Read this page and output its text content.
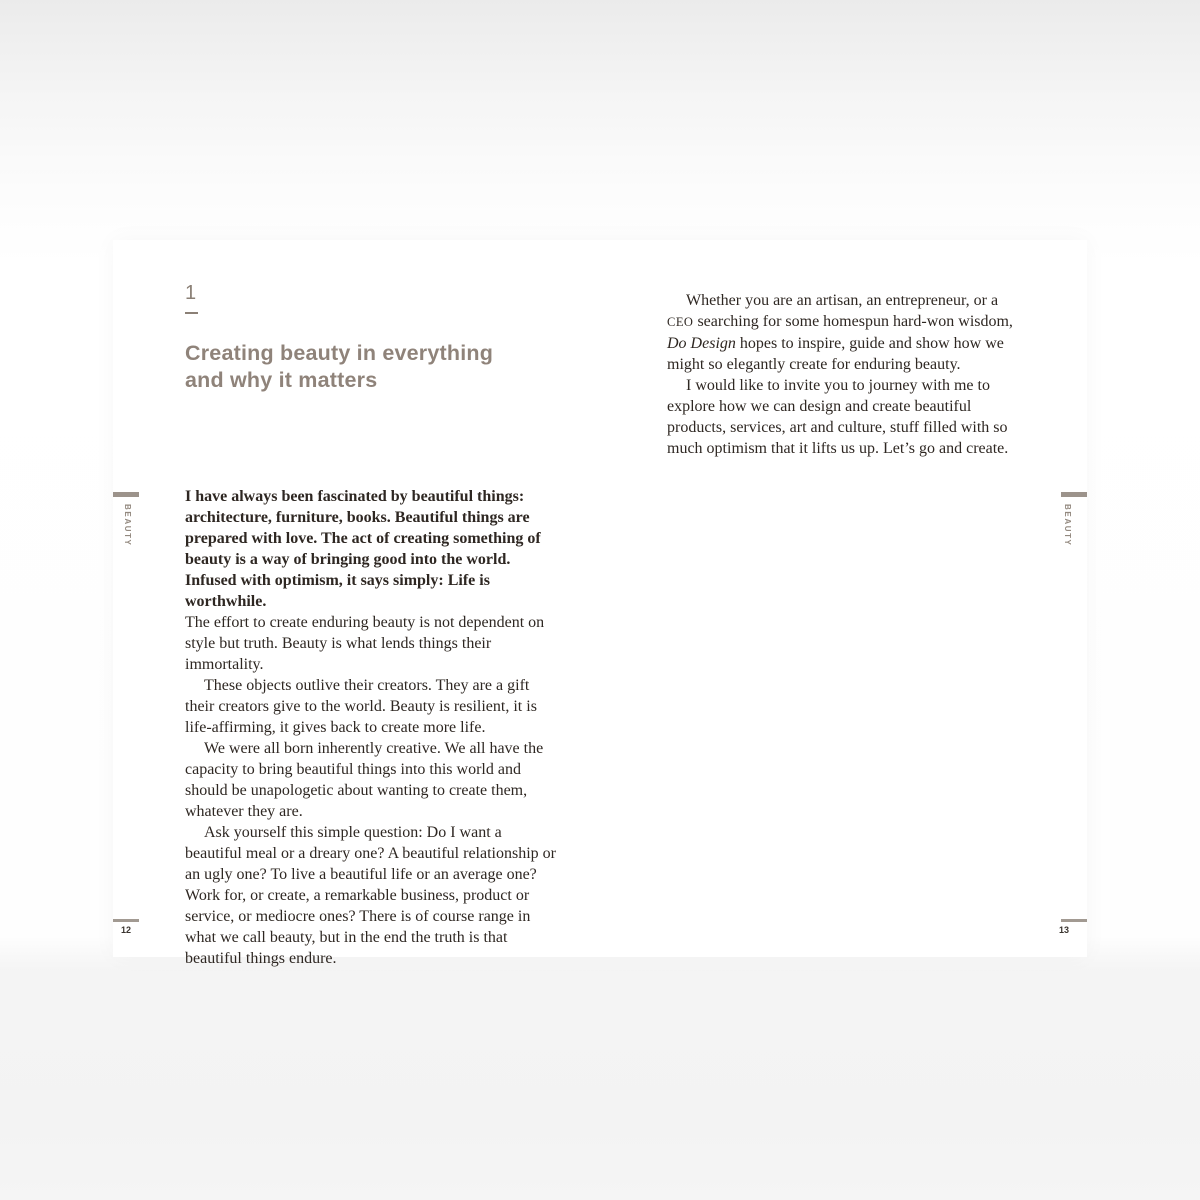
1
Creating beauty in everything
and why it matters

I have always been fascinated by beautiful things: architecture, furniture, books. Beautiful things are prepared with love. The act of creating something of beauty is a way of bringing good into the world. Infused with optimism, it says simply: Life is worthwhile.

The effort to create enduring beauty is not dependent on style but truth. Beauty is what lends things their immortality.

These objects outlive their creators. They are a gift their creators give to the world. Beauty is resilient, it is life-affirming, it gives back to create more life.

We were all born inherently creative. We all have the capacity to bring beautiful things into this world and should be unapologetic about wanting to create them, whatever they are.

Ask yourself this simple question: Do I want a beautiful meal or a dreary one? A beautiful relationship or an ugly one? To live a beautiful life or an average one? Work for, or create, a remarkable business, product or service, or mediocre ones? There is of course range in what we call beauty, but in the end the truth is that beautiful things endure.

BEAUTY
12

Whether you are an artisan, an entrepreneur, or a CEO searching for some homespun hard-won wisdom, Do Design hopes to inspire, guide and show how we might so elegantly create for enduring beauty.

I would like to invite you to journey with me to explore how we can design and create beautiful products, services, art and culture, stuff filled with so much optimism that it lifts us up. Let’s go and create.

BEAUTY
13
